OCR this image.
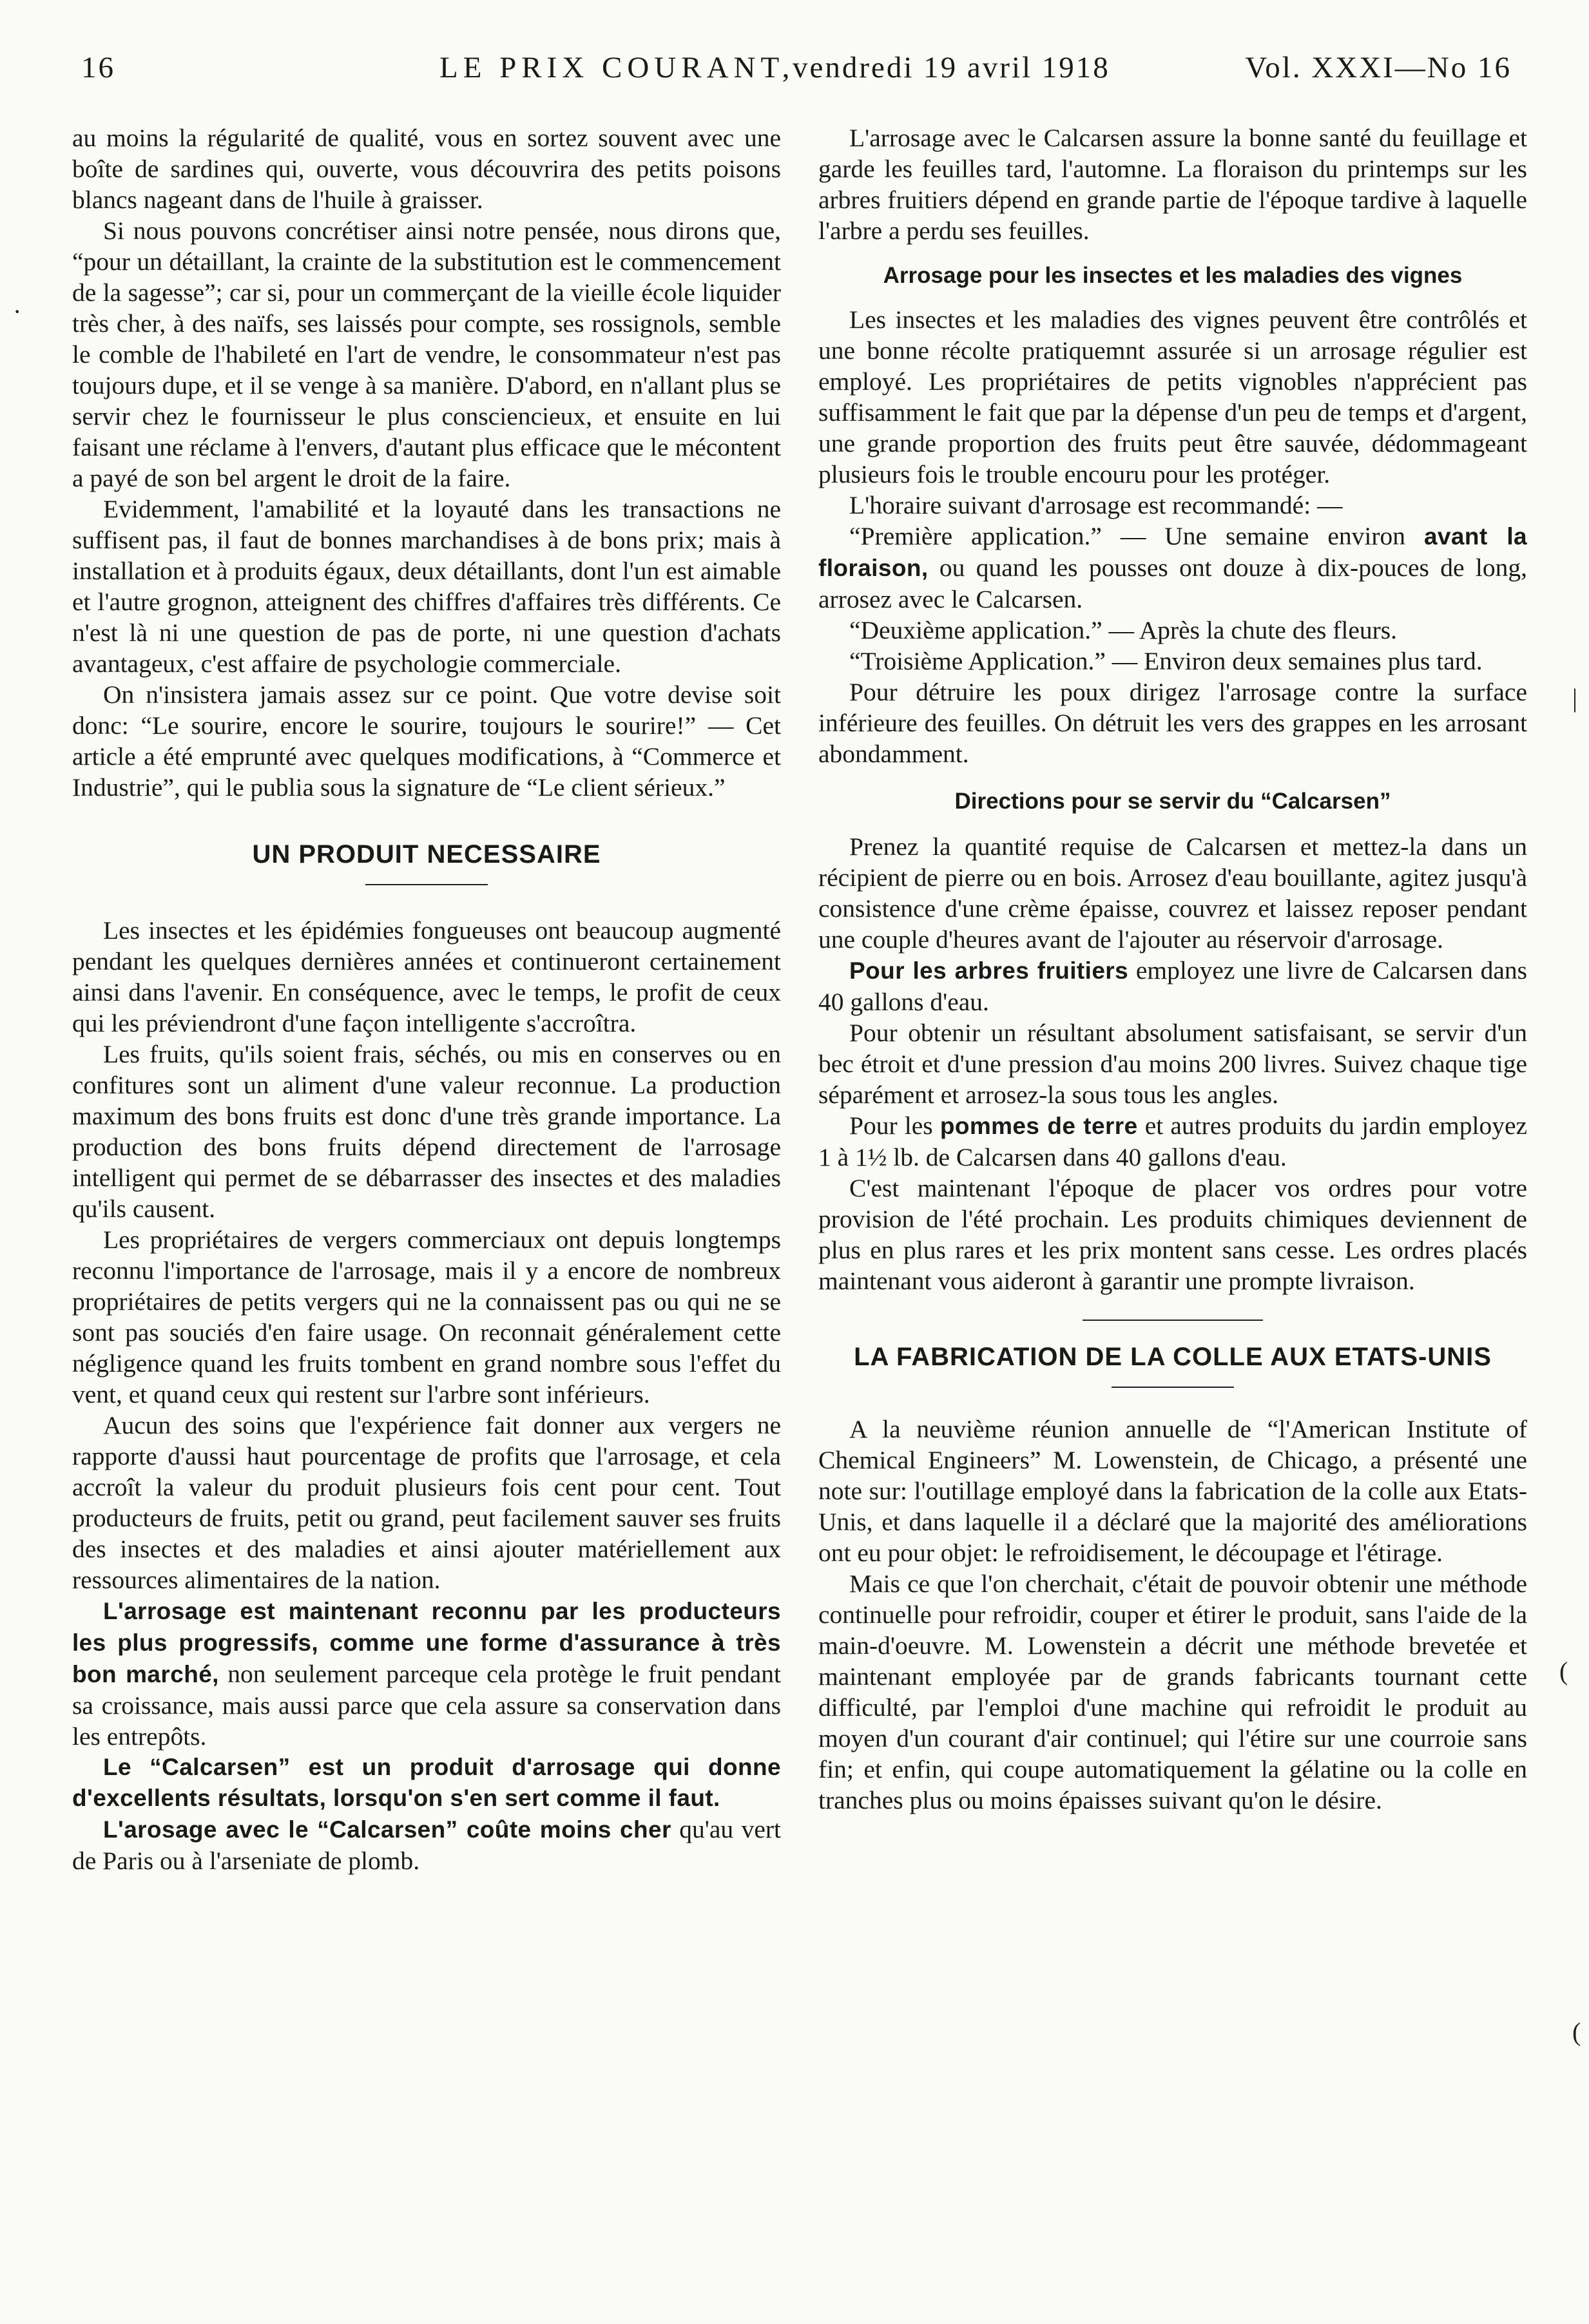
16	LE PRIX COURANT,
vendredi 19 avril 1918	Vol. XXXI—No 16

au moins la régularité de qualité, vous en sortez souvent avec une boîte de sardines qui, ouverte, vous découvrira des petits poisons blancs nageant dans de l'huile à graisser.

Si nous pouvons concrétiser ainsi notre pensée, nous dirons que, “pour un détaillant, la crainte de la substitution est le commencement de la sagesse”; car si, pour un commerçant de la vieille école liquider très cher, à des naïfs, ses laissés pour compte, ses rossignols, semble le comble de l'habileté en l'art de vendre, le consommateur n'est pas toujours dupe, et il se venge à sa manière. D'abord, en n'allant plus se servir chez le fournisseur le plus consciencieux, et ensuite en lui faisant une réclame à l'envers, d'autant plus efficace que le mécontent a payé de son bel argent le droit de la faire.

Evidemment, l'amabilité et la loyauté dans les transactions ne suffisent pas, il faut de bonnes marchandises à de bons prix; mais à installation et à produits égaux, deux détaillants, dont l'un est aimable et l'autre grognon, atteignent des chiffres d'affaires très différents. Ce n'est là ni une question de pas de porte, ni une question d'achats avantageux, c'est affaire de psychologie commerciale.

On n'insistera jamais assez sur ce point. Que votre devise soit donc: “Le sourire, encore le sourire, toujours le sourire!” — Cet article a été emprunté avec quelques modifications, à “Commerce et Industrie”, qui le publia sous la signature de “Le client sérieux.”

UN PRODUIT NECESSAIRE

Les insectes et les épidémies fongueuses ont beaucoup augmenté pendant les quelques dernières années et continueront certainement ainsi dans l'avenir. En conséquence, avec le temps, le profit de ceux qui les préviendront d'une façon intelligente s'accroîtra.

Les fruits, qu'ils soient frais, séchés, ou mis en conserves ou en confitures sont un aliment d'une valeur reconnue. La production maximum des bons fruits est donc d'une très grande importance. La production des bons fruits dépend directement de l'arrosage intelligent qui permet de se débarrasser des insectes et des maladies qu'ils causent.

Les propriétaires de vergers commerciaux ont depuis longtemps reconnu l'importance de l'arrosage, mais il y a encore de nombreux propriétaires de petits vergers qui ne la connaissent pas ou qui ne se sont pas souciés d'en faire usage. On reconnait généralement cette négligence quand les fruits tombent en grand nombre sous l'effet du vent, et quand ceux qui restent sur l'arbre sont inférieurs.

Aucun des soins que l'expérience fait donner aux vergers ne rapporte d'aussi haut pourcentage de profits que l'arrosage, et cela accroît la valeur du produit plusieurs fois cent pour cent. Tout producteurs de fruits, petit ou grand, peut facilement sauver ses fruits des insectes et des maladies et ainsi ajouter matériellement aux ressources alimentaires de la nation.

L'arrosage est maintenant reconnu par les producteurs les plus progressifs, comme une forme d'assurance à très bon marché, non seulement parceque cela protège le fruit pendant sa croissance, mais aussi parce que cela assure sa conservation dans les entrepôts.

Le “Calcarsen” est un produit d'arrosage qui donne d'excellents résultats, lorsqu'on s'en sert comme il faut.

L'arosage avec le “Calcarsen” coûte moins cher qu'au vert de Paris ou à l'arseniate de plomb.

L'arrosage avec le Calcarsen assure la bonne santé du feuillage et garde les feuilles tard, l'automne. La floraison du printemps sur les arbres fruitiers dépend en grande partie de l'époque tardive à laquelle l'arbre a perdu ses feuilles.

Arrosage pour les insectes et les maladies des vignes

Les insectes et les maladies des vignes peuvent être contrôlés et une bonne récolte pratiquemnt assurée si un arrosage régulier est employé. Les propriétaires de petits vignobles n'apprécient pas suffisamment le fait que par la dépense d'un peu de temps et d'argent, une grande proportion des fruits peut être sauvée, dédommageant plusieurs fois le trouble encouru pour les protéger.

L'horaire suivant d'arrosage est recommandé: —

“Première application.” — Une semaine environ avant la floraison, ou quand les pousses ont douze à dix-pouces de long, arrosez avec le Calcarsen.

“Deuxième application.” — Après la chute des fleurs.

“Troisième Application.” — Environ deux semaines plus tard.

Pour détruire les poux dirigez l'arrosage contre la surface inférieure des feuilles. On détruit les vers des grappes en les arrosant abondamment.

Directions pour se servir du “Calcarsen”

Prenez la quantité requise de Calcarsen et mettez-la dans un récipient de pierre ou en bois. Arrosez d'eau bouillante, agitez jusqu'à consistence d'une crème épaisse, couvrez et laissez reposer pendant une couple d'heures avant de l'ajouter au réservoir d'arrosage.

Pour les arbres fruitiers employez une livre de Calcarsen dans 40 gallons d'eau.

Pour obtenir un résultant absolument satisfaisant, se servir d'un bec étroit et d'une pression d'au moins 200 livres. Suivez chaque tige séparément et arrosez-la sous tous les angles.

Pour les pommes de terre et autres produits du jardin employez 1 à 1½ lb. de Calcarsen dans 40 gallons d'eau.

C'est maintenant l'époque de placer vos ordres pour votre provision de l'été prochain. Les produits chimiques deviennent de plus en plus rares et les prix montent sans cesse. Les ordres placés maintenant vous aideront à garantir une prompte livraison.

LA FABRICATION DE LA COLLE AUX ETATS-UNIS

A la neuvième réunion annuelle de “l'American Institute of Chemical Engineers” M. Lowenstein, de Chicago, a présenté une note sur: l'outillage employé dans la fabrication de la colle aux Etats-Unis, et dans laquelle il a déclaré que la majorité des améliorations ont eu pour objet: le refroidisement, le découpage et l'étirage.

Mais ce que l'on cherchait, c'était de pouvoir obtenir une méthode continuelle pour refroidir, couper et étirer le produit, sans l'aide de la main-d'oeuvre. M. Lowenstein a décrit une méthode brevetée et maintenant employée par de grands fabricants tournant cette difficulté, par l'emploi d'une machine qui refroidit le produit au moyen d'un courant d'air continuel; qui l'étire sur une courroie sans fin; et enfin, qui coupe automatiquement la gélatine ou la colle en tranches plus ou moins épaisses suivant qu'on le désire.

·
|
(
(
